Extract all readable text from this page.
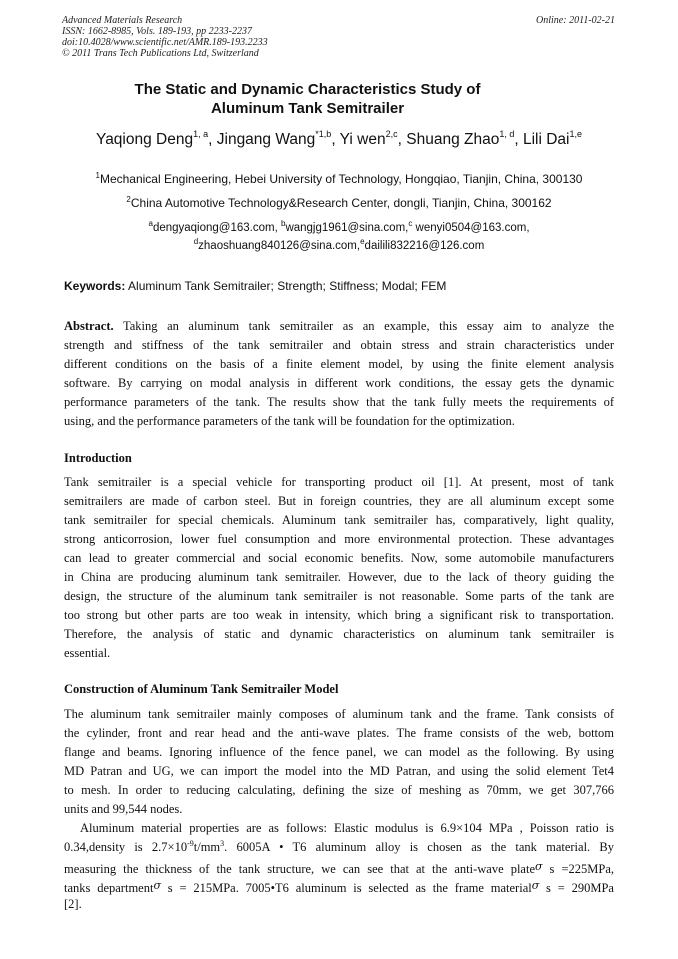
Advanced Materials Research
ISSN: 1662-8985, Vols. 189-193, pp 2233-2237
doi:10.4028/www.scientific.net/AMR.189-193.2233
© 2011 Trans Tech Publications Ltd, Switzerland
Online: 2011-02-21
The Static and Dynamic Characteristics Study of
Aluminum Tank Semitrailer
Yaqiong Deng$^{1, a}$, Jingang Wang$^{*1,b}$, Yi wen$^{2,c}$, Shuang Zhao$^{1, d}$, Lili Dai$^{1,e}$
$^1$Mechanical Engineering, Hebei University of Technology, Hongqiao, Tianjin, China, 300130
$^2$China Automotive Technology&Research Center, dongli, Tianjin, China, 300162
$^a$dengyaqiong@163.com, $^b$wangjg1961@sina.com,$^c$ wenyi0504@163.com,
$^d$zhaoshuang840126@sina.com,$^e$dailili832216@126.com
Keywords: Aluminum Tank Semitrailer; Strength; Stiffness; Modal; FEM
Abstract. Taking an aluminum tank semitrailer as an example, this essay aim to analyze the
strength and stiffness of the tank semitrailer and obtain stress and strain characteristics under
different conditions on the basis of a finite element model, by using the finite element analysis
software. By carrying on modal analysis in different work conditions, the essay gets the dynamic
performance parameters of the tank. The results show that the tank fully meets the requirements of
using, and the performance parameters of the tank will be foundation for the optimization.
Introduction
Tank semitrailer is a special vehicle for transporting product oil [1]. At present, most of tank
semitrailers are made of carbon steel. But in foreign countries, they are all aluminum except some
tank semitrailer for special chemicals. Aluminum tank semitrailer has, comparatively, light quality,
strong anticorrosion, lower fuel consumption and more environmental protection. These advantages
can lead to greater commercial and social economic benefits. Now, some automobile manufacturers
in China are producing aluminum tank semitrailer. However, due to the lack of theory guiding the
design, the structure of the aluminum tank semitrailer is not reasonable. Some parts of the tank are
too strong but other parts are too weak in intensity, which bring a significant risk to transportation.
Therefore, the analysis of static and dynamic characteristics on aluminum tank semitrailer is
essential.
Construction of Aluminum Tank Semitrailer Model
The aluminum tank semitrailer mainly composes of aluminum tank and the frame. Tank consists of
the cylinder, front and rear head and the anti-wave plates. The frame consists of the web, bottom
flange and beams. Ignoring influence of the fence panel, we can model as the following. By using
MD Patran and UG, we can import the model into the MD Patran, and using the solid element Tet4
to mesh. In order to reducing calculating, defining the size of meshing as 70mm, we get 307,766
units and 99,544 nodes.
Aluminum material properties are as follows: Elastic modulus is 6.9×104 MPa , Poisson ratio is
0.34,density is $2.7\times 10^{-9}t/mm^3$. 6005A • T6 aluminum alloy is chosen as the tank material. By
measuring the thickness of the tank structure, we can see that at the anti-wave plateσ s =225MPa,
tanks departmentσ s = 215MPa. 7005•T6 aluminum is selected as the frame materialσ s = 290MPa
[2].
